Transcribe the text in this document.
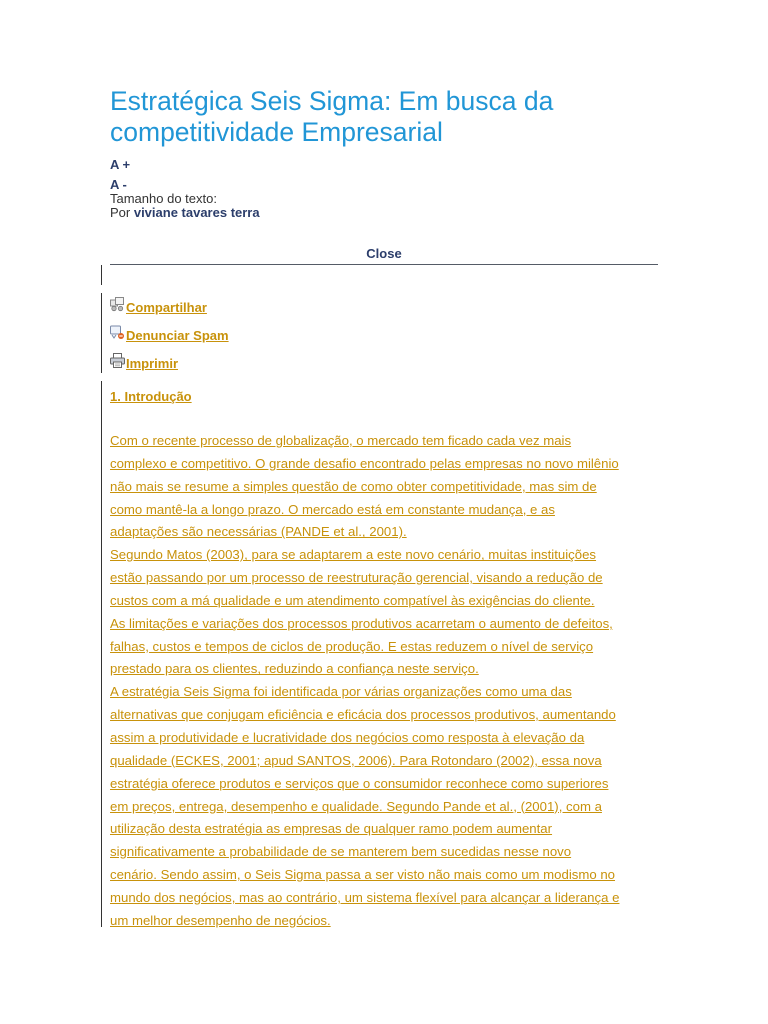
Estratégica Seis Sigma: Em busca da
competitividade Empresarial
A +
A -
Tamanho do texto:
Por viviane tavares terra
Close
Compartilhar
Denunciar Spam
Imprimir
1. Introdução
Com o recente processo de globalização, o mercado tem ficado cada vez mais
complexo e competitivo. O grande desafio encontrado pelas empresas no novo milênio
não mais se resume a simples questão de como obter competitividade, mas sim de
como mantê-la a longo prazo. O mercado está em constante mudança, e as
adaptações são necessárias (PANDE et al., 2001).
Segundo Matos (2003), para se adaptarem a este novo cenário, muitas instituições
estão passando por um processo de reestruturação gerencial, visando a redução de
custos com a má qualidade e um atendimento compatível às exigências do cliente.
As limitações e variações dos processos produtivos acarretam o aumento de defeitos,
falhas, custos e tempos de ciclos de produção. E estas reduzem o nível de serviço
prestado para os clientes, reduzindo a confiança neste serviço.
A estratégia Seis Sigma foi identificada por várias organizações como uma das
alternativas que conjugam eficiência e eficácia dos processos produtivos, aumentando
assim a produtividade e lucratividade dos negócios como resposta à elevação da
qualidade (ECKES, 2001; apud SANTOS, 2006). Para Rotondaro (2002), essa nova
estratégia oferece produtos e serviços que o consumidor reconhece como superiores
em preços, entrega, desempenho e qualidade. Segundo Pande et al., (2001), com a
utilização desta estratégia as empresas de qualquer ramo podem aumentar
significativamente a probabilidade de se manterem bem sucedidas nesse novo
cenário. Sendo assim, o Seis Sigma passa a ser visto não mais como um modismo no
mundo dos negócios, mas ao contrário, um sistema flexível para alcançar a liderança e
um melhor desempenho de negócios.
